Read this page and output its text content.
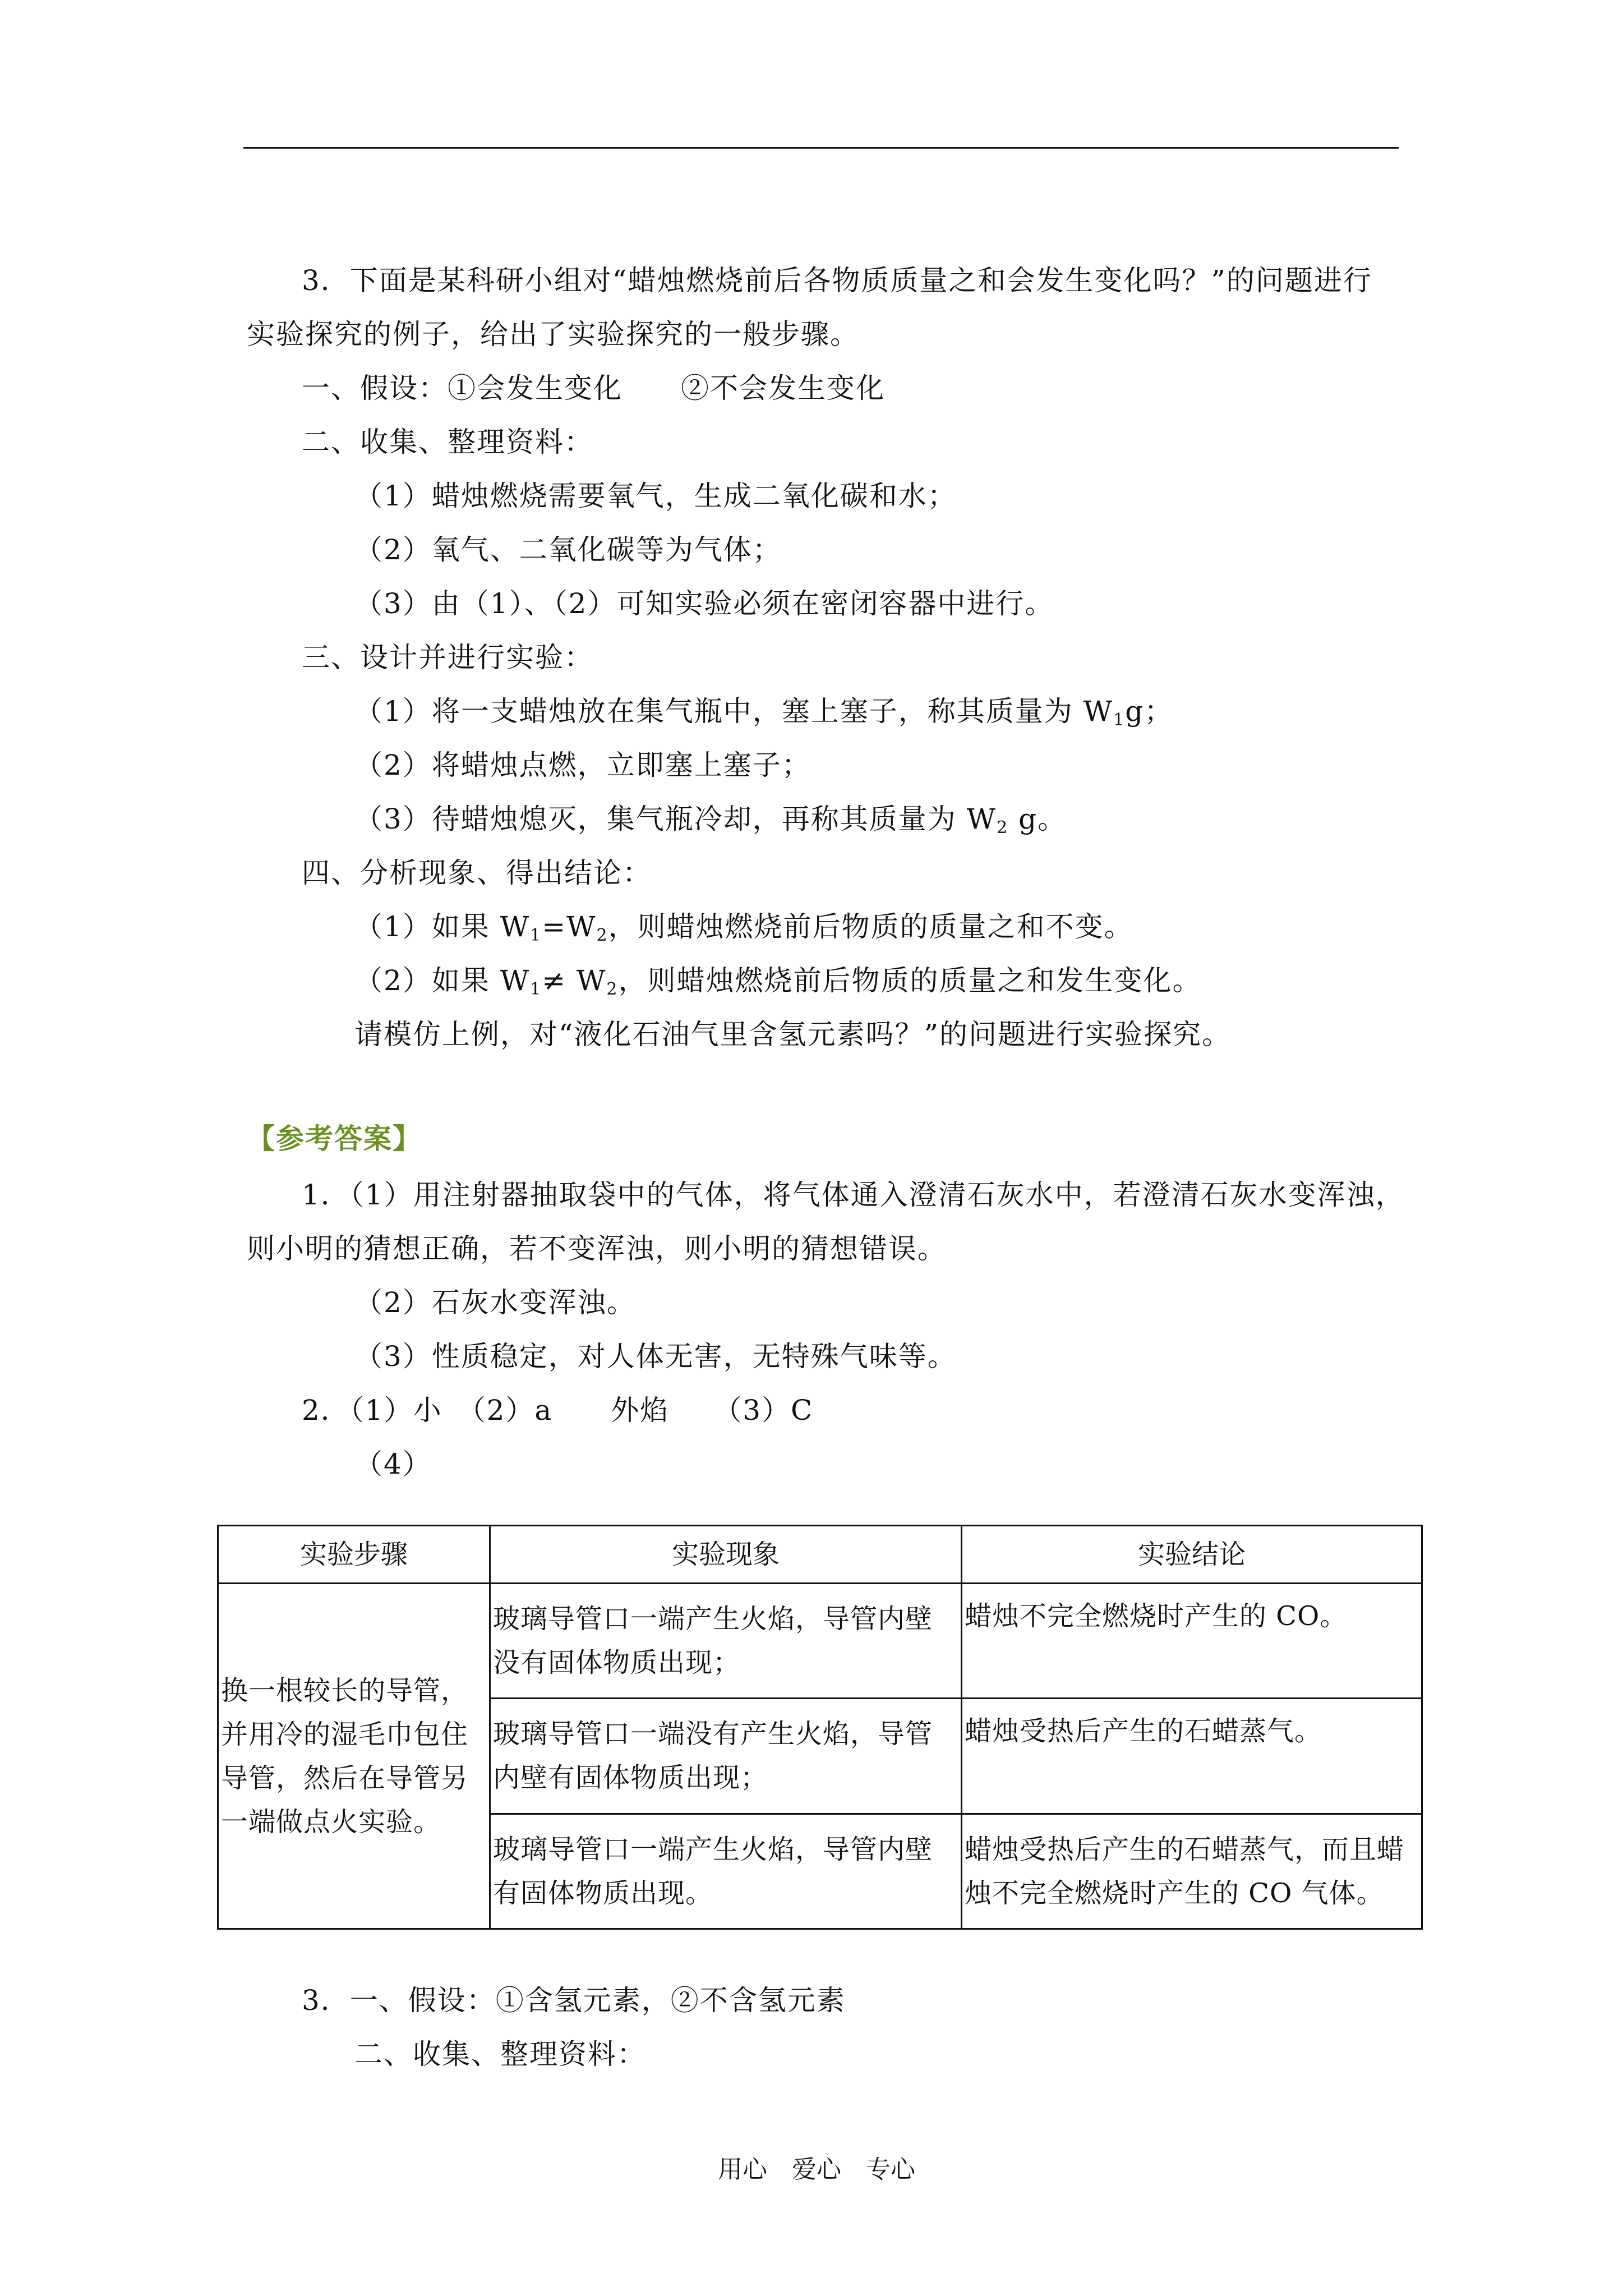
3．下面是某科研小组对“蜡烛燃烧前后各物质质量之和会发生变化吗？”的问题进行
实验探究的例子，给出了实验探究的一般步骤。
一、假设：①会发生变化　　②不会发生变化
二、收集、整理资料：
（1）蜡烛燃烧需要氧气，生成二氧化碳和水；
（2）氧气、二氧化碳等为气体；
（3）由（1）、（2）可知实验必须在密闭容器中进行。
三、设计并进行实验：
（1）将一支蜡烛放在集气瓶中，塞上塞子，称其质量为 $W_1g$；
（2）将蜡烛点燃，立即塞上塞子；
（3）待蜡烛熄灭，集气瓶冷却，再称其质量为 $W_2$ g。
四、分析现象、得出结论：
（1）如果 $W_1=W_2$，则蜡烛燃烧前后物质的质量之和不变。
（2）如果 $W_1\ne W_2$，则蜡烛燃烧前后物质的质量之和发生变化。
请模仿上例，对“液化石油气里含氢元素吗？”的问题进行实验探究。
【参考答案】
1．（1）用注射器抽取袋中的气体，将气体通入澄清石灰水中，若澄清石灰水变浑浊，
则小明的猜想正确，若不变浑浊，则小明的猜想错误。
（2）石灰水变浑浊。
（3）性质稳定，对人体无害，无特殊气味等。
2．（1）小　（2）a　　外焰　　（3）C
（4）
实验步骤	实验现象	实验结论
换一根较长的导管，并用冷的湿毛巾包住导管，然后在导管另一端做点火实验。	玻璃导管口一端产生火焰，导管内壁没有固体物质出现；	蜡烛不完全燃烧时产生的 CO。
	玻璃导管口一端没有产生火焰，导管内壁有固体物质出现；	蜡烛受热后产生的石蜡蒸气。
	玻璃导管口一端产生火焰，导管内壁有固体物质出现。	蜡烛受热后产生的石蜡蒸气，而且蜡烛不完全燃烧时产生的 CO 气体。
3．一、假设：①含氢元素，②不含氢元素
二、收集、整理资料：
用心　爱心　专心
